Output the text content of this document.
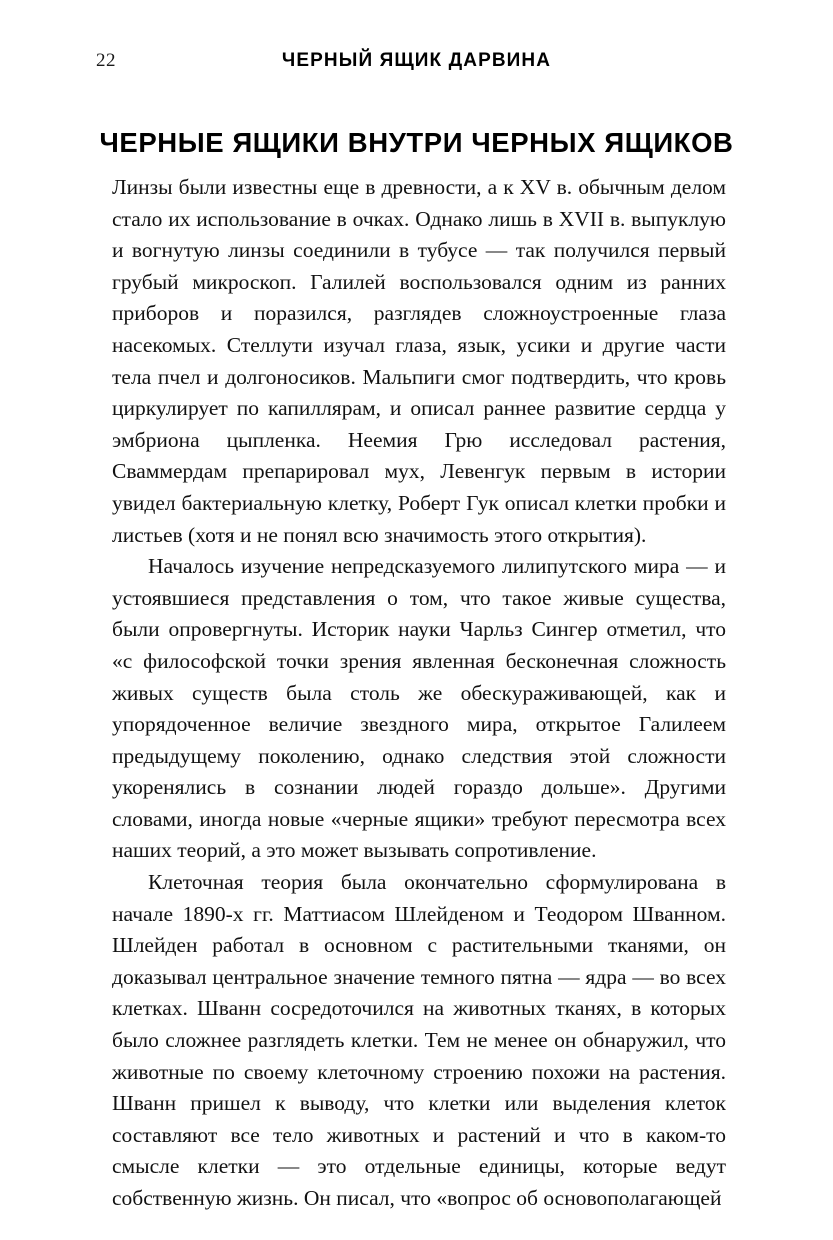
22	ЧЕРНЫЙ ЯЩИК ДАРВИНА
ЧЕРНЫЕ ЯЩИКИ ВНУТРИ ЧЕРНЫХ ЯЩИКОВ

Линзы были известны еще в древности, а к XV в. обычным делом стало их использование в очках. Однако лишь в XVII в. выпуклую и вогнутую линзы соединили в тубусе — так получился первый грубый микроскоп. Галилей воспользовался одним из ранних приборов и поразился, разглядев сложноустроенные глаза насекомых. Стеллути изучал глаза, язык, усики и другие части тела пчел и долгоносиков. Мальпиги смог подтвердить, что кровь циркулирует по капиллярам, и описал раннее развитие сердца у эмбриона цыпленка. Неемия Грю исследовал растения, Сваммердам препарировал мух, Левенгук первым в истории увидел бактериальную клетку, Роберт Гук описал клетки пробки и листьев (хотя и не понял всю значимость этого открытия).

Началось изучение непредсказуемого лилипутского мира — и устоявшиеся представления о том, что такое живые существа, были опровергнуты. Историк науки Чарльз Сингер отметил, что «с философской точки зрения явленная бесконечная сложность живых существ была столь же обескураживающей, как и упорядоченное величие звездного мира, открытое Галилеем предыдущему поколению, однако следствия этой сложности укоренялись в сознании людей гораздо дольше». Другими словами, иногда новые «черные ящики» требуют пересмотра всех наших теорий, а это может вызывать сопротивление.

Клеточная теория была окончательно сформулирована в начале 1890-х гг. Маттиасом Шлейденом и Теодором Шванном. Шлейден работал в основном с растительными тканями, он доказывал центральное значение темного пятна — ядра — во всех клетках. Шванн сосредоточился на животных тканях, в которых было сложнее разглядеть клетки. Тем не менее он обнаружил, что животные по своему клеточному строению похожи на растения. Шванн пришел к выводу, что клетки или выделения клеток составляют все тело животных и растений и что в каком-то смысле клетки — это отдельные единицы, которые ведут собственную жизнь. Он писал, что «вопрос об основополагающей
